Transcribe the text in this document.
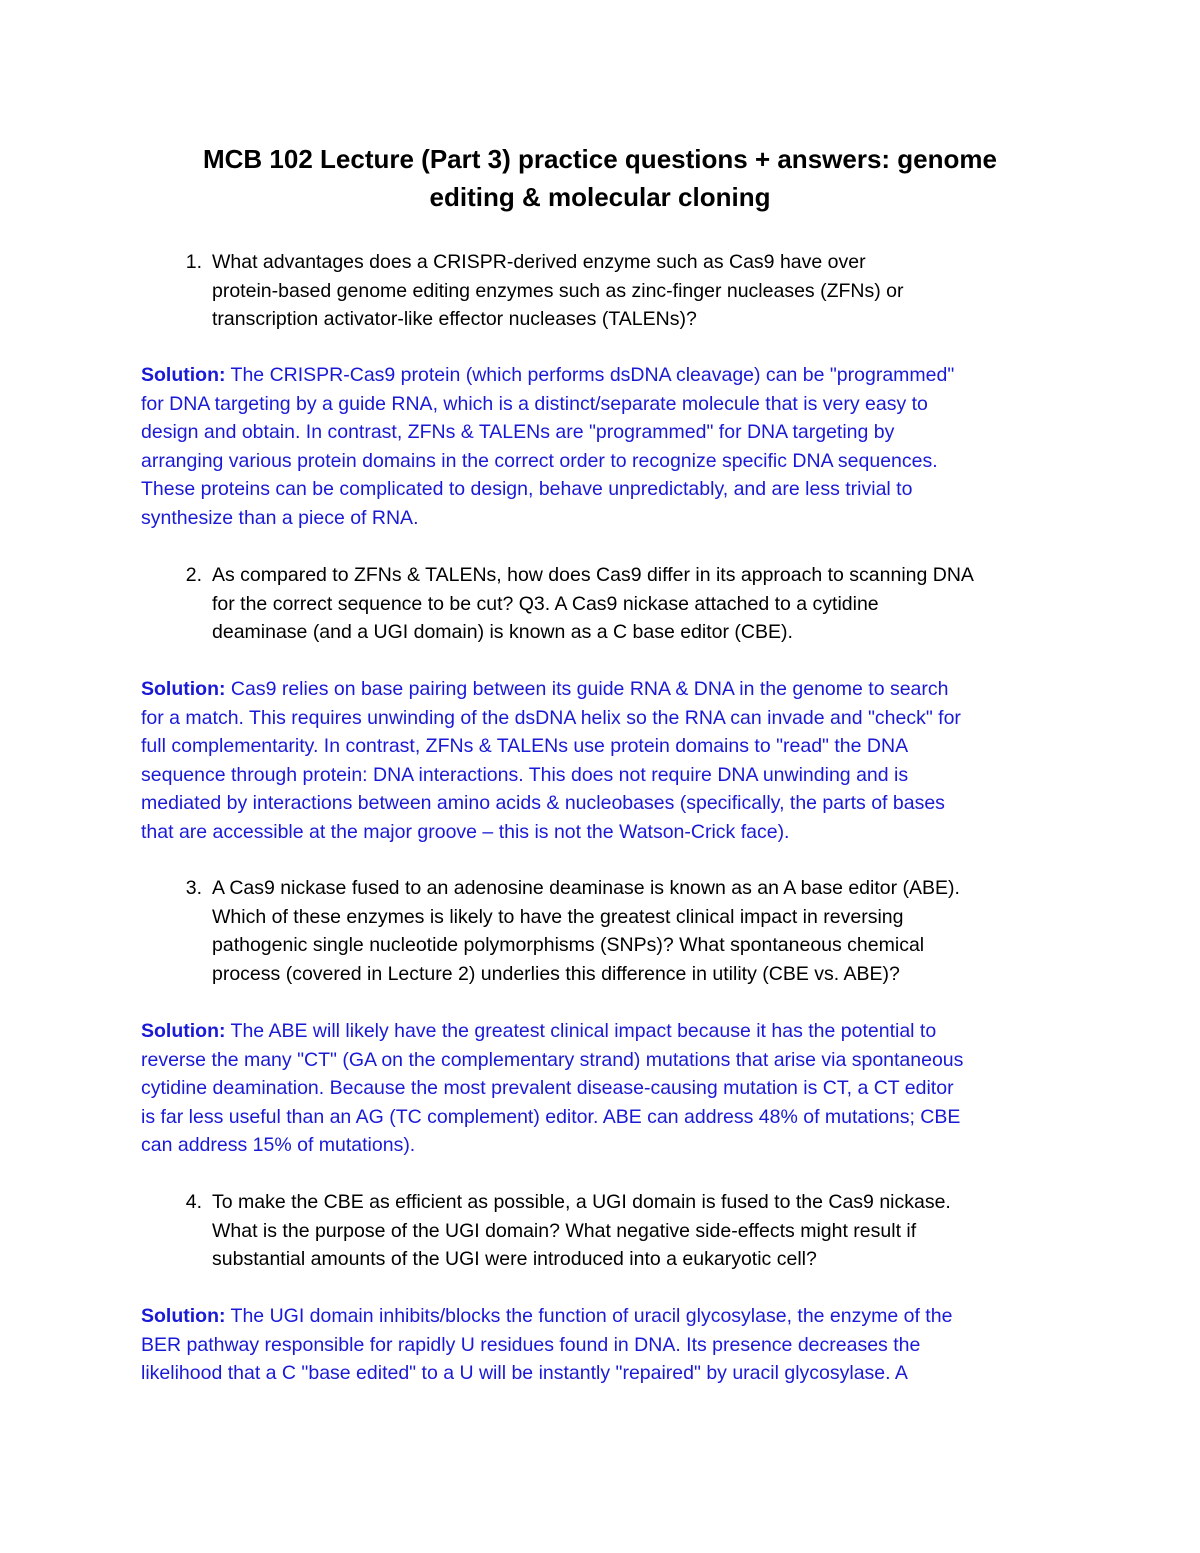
MCB 102 Lecture (Part 3) practice questions + answers: genome
editing & molecular cloning
1. What advantages does a CRISPR-derived enzyme such as Cas9 have over
protein-based genome editing enzymes such as zinc-finger nucleases (ZFNs) or
transcription activator-like effector nucleases (TALENs)?
Solution: The CRISPR-Cas9 protein (which performs dsDNA cleavage) can be "programmed"
for DNA targeting by a guide RNA, which is a distinct/separate molecule that is very easy to
design and obtain. In contrast, ZFNs & TALENs are "programmed" for DNA targeting by
arranging various protein domains in the correct order to recognize specific DNA sequences.
These proteins can be complicated to design, behave unpredictably, and are less trivial to
synthesize than a piece of RNA.
2. As compared to ZFNs & TALENs, how does Cas9 differ in its approach to scanning DNA
for the correct sequence to be cut? Q3. A Cas9 nickase attached to a cytidine
deaminase (and a UGI domain) is known as a C base editor (CBE).
Solution: Cas9 relies on base pairing between its guide RNA & DNA in the genome to search
for a match. This requires unwinding of the dsDNA helix so the RNA can invade and "check" for
full complementarity. In contrast, ZFNs & TALENs use protein domains to "read" the DNA
sequence through protein: DNA interactions. This does not require DNA unwinding and is
mediated by interactions between amino acids & nucleobases (specifically, the parts of bases
that are accessible at the major groove – this is not the Watson-Crick face).
3. A Cas9 nickase fused to an adenosine deaminase is known as an A base editor (ABE).
Which of these enzymes is likely to have the greatest clinical impact in reversing
pathogenic single nucleotide polymorphisms (SNPs)? What spontaneous chemical
process (covered in Lecture 2) underlies this difference in utility (CBE vs. ABE)?
Solution: The ABE will likely have the greatest clinical impact because it has the potential to
reverse the many "CT" (GA on the complementary strand) mutations that arise via spontaneous
cytidine deamination. Because the most prevalent disease-causing mutation is CT, a CT editor
is far less useful than an AG (TC complement) editor. ABE can address 48% of mutations; CBE
can address 15% of mutations).
4. To make the CBE as efficient as possible, a UGI domain is fused to the Cas9 nickase.
What is the purpose of the UGI domain? What negative side-effects might result if
substantial amounts of the UGI were introduced into a eukaryotic cell?
Solution: The UGI domain inhibits/blocks the function of uracil glycosylase, the enzyme of the
BER pathway responsible for rapidly U residues found in DNA. Its presence decreases the
likelihood that a C "base edited" to a U will be instantly "repaired" by uracil glycosylase. A
